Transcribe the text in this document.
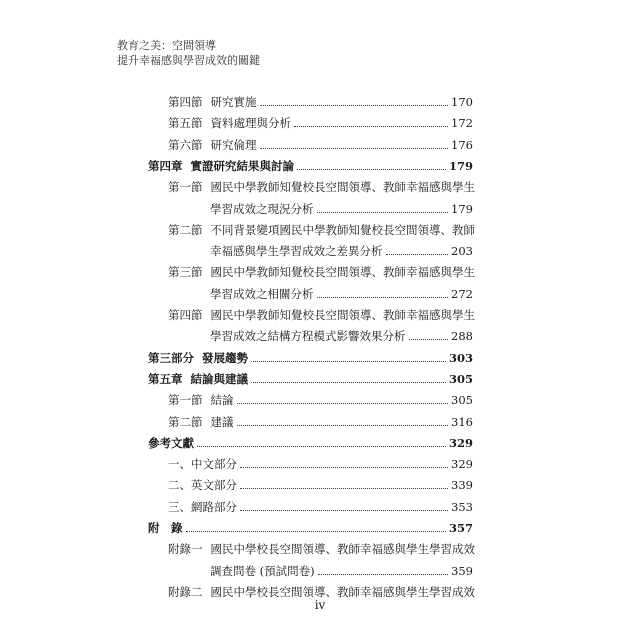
教育之美：空間領導
提升幸福感與學習成效的關鍵
第四節 研究實施	170
第五節 資料處理與分析	172
第六節 研究倫理	176
第四章 實證研究結果與討論	179
第一節 國民中學教師知覺校長空間領導、教師幸福感與學生
學習成效之現況分析	179
第二節 不同背景變項國民中學教師知覺校長空間領導、教師
幸福感與學生學習成效之差異分析	203
第三節 國民中學教師知覺校長空間領導、教師幸福感與學生
學習成效之相關分析	272
第四節 國民中學教師知覺校長空間領導、教師幸福感與學生
學習成效之結構方程模式影響效果分析	288
第三部分 發展趨勢	303
第五章 結論與建議	305
第一節 結論	305
第二節 建議	316
參考文獻	329
一、中文部分	329
二、英文部分	339
三、網路部分	353
附　錄	357
附錄一 國民中學校長空間領導、教師幸福感與學生學習成效
調查問卷 (預試問卷)	359
附錄二 國民中學校長空間領導、教師幸福感與學生學習成效
iv
